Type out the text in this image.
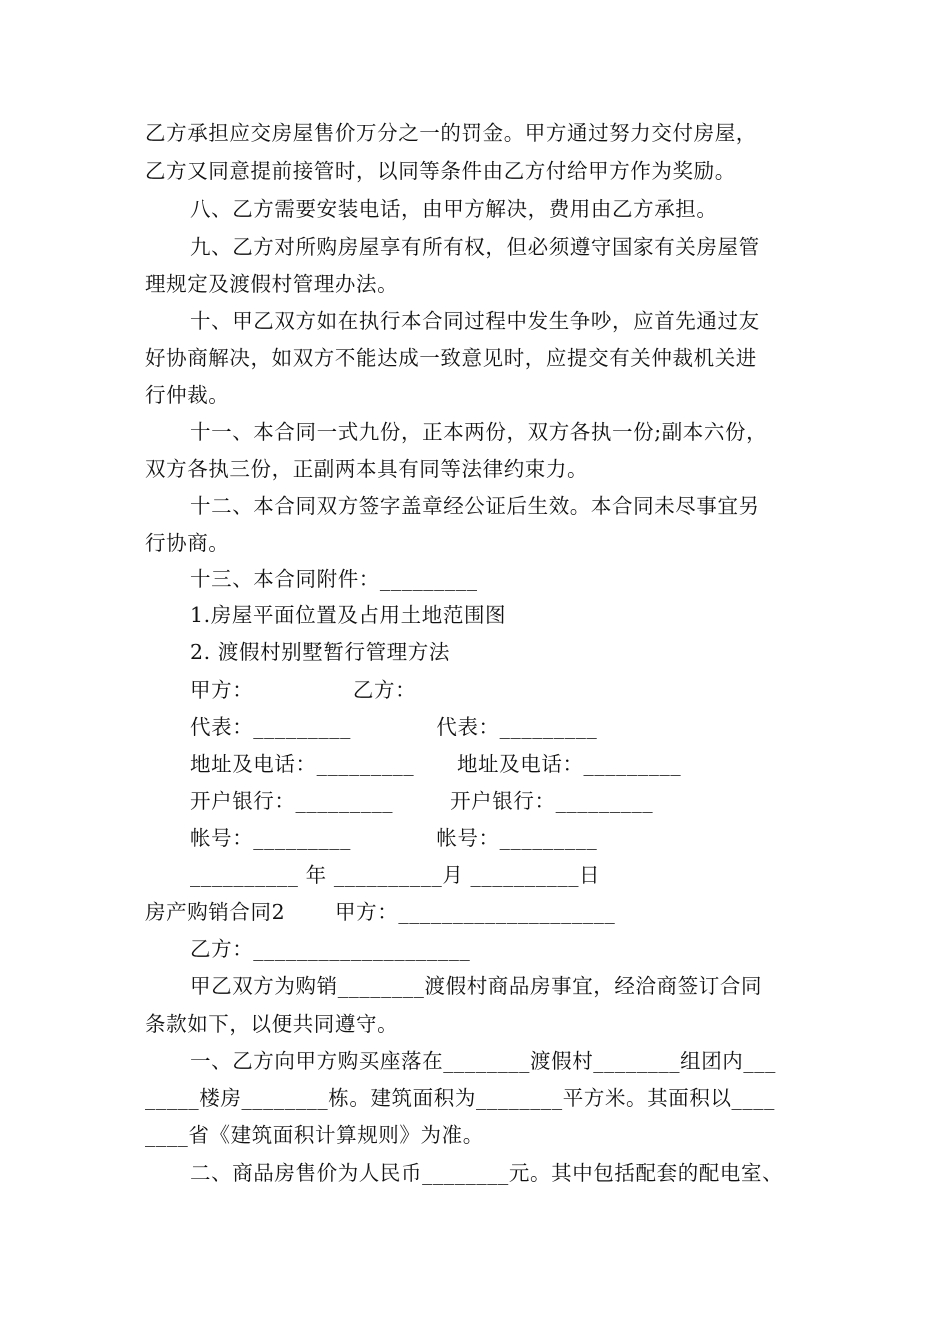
乙方承担应交房屋售价万分之一的罚金。甲方通过努力交付房屋，
乙方又同意提前接管时，以同等条件由乙方付给甲方作为奖励。
八、乙方需要安装电话，由甲方解决，费用由乙方承担。
九、乙方对所购房屋享有所有权，但必须遵守国家有关房屋管
理规定及渡假村管理办法。
十、甲乙双方如在执行本合同过程中发生争吵，应首先通过友
好协商解决，如双方不能达成一致意见时，应提交有关仲裁机关进
行仲裁。
十一、本合同一式九份，正本两份，双方各执一份;副本六份，
双方各执三份，正副两本具有同等法律约束力。
十二、本合同双方签字盖章经公证后生效。本合同未尽事宜另
行协商。
十三、本合同附件：_________
1.房屋平面位置及占用土地范围图
2. 渡假村别墅暂行管理方法
甲方：              乙方：
代表：_________            代表：_________
地址及电话：_________      地址及电话：_________
开户银行：_________        开户银行：_________
帐号：_________            帐号：_________
__________ 年 __________月 __________日
房产购销合同2       甲方：____________________
乙方：____________________
甲乙双方为购销________渡假村商品房事宜，经洽商签订合同
条款如下，以便共同遵守。
一、乙方向甲方购买座落在________渡假村________组团内___
_____楼房________栋。建筑面积为________平方米。其面积以____
____省《建筑面积计算规则》为准。
二、商品房售价为人民币________元。其中包括配套的配电室、
